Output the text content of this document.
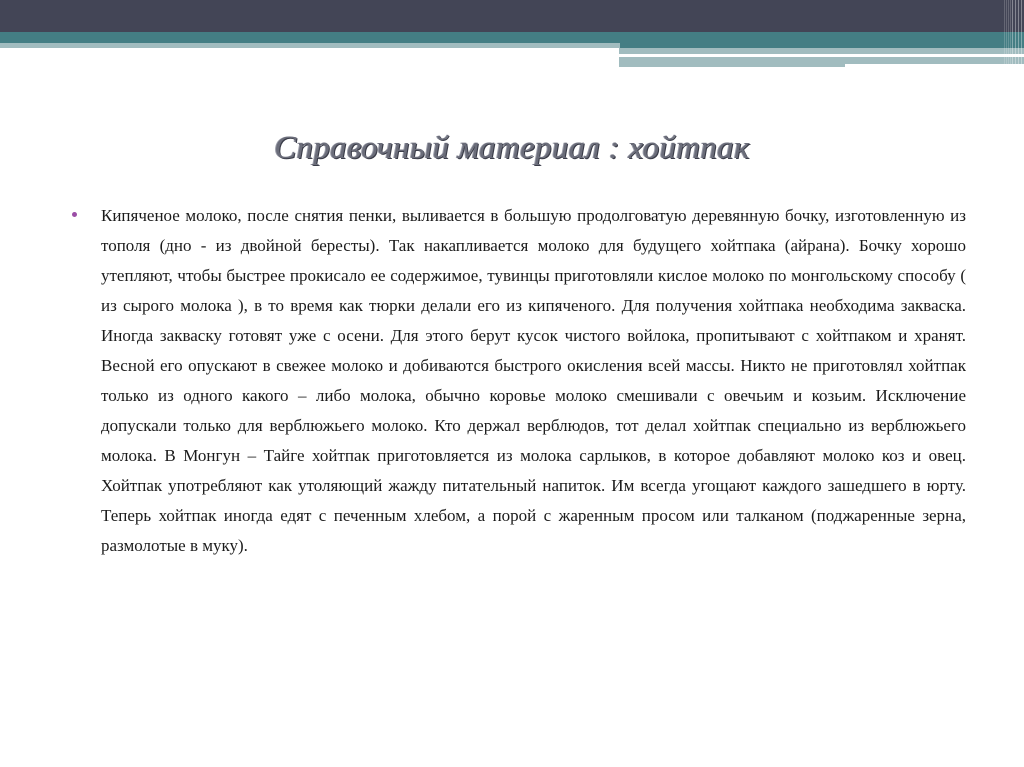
Справочный материал : хойтпак

Кипяченое молоко, после снятия пенки, выливается в большую продолговатую деревянную бочку, изготовленную из тополя (дно - из двойной бересты). Так накапливается молоко для будущего хойтпака (айрана). Бочку хорошо утепляют, чтобы быстрее прокисало ее содержимое, тувинцы приготовляли кислое молоко по монгольскому способу ( из сырого молока ), в то время как тюрки делали его из кипяченого. Для получения хойтпака необходима закваска. Иногда закваску готовят уже с осени. Для этого берут кусок чистого войлока, пропитывают с хойтпаком и хранят. Весной его опускают в свежее молоко и добиваются быстрого окисления всей массы. Никто не приготовлял хойтпак только из одного какого – либо молока, обычно коровье молоко смешивали с овечьим и козьим. Исключение допускали только для верблюжьего молоко. Кто держал верблюдов, тот делал хойтпак специально из верблюжьего молока. В Монгун – Тайге хойтпак приготовляется из молока сарлыков, в которое добавляют молоко коз и овец. Хойтпак употребляют как утоляющий жажду питательный напиток. Им всегда угощают каждого зашедшего в юрту. Теперь хойтпак иногда едят с печенным хлебом, а порой с жаренным просом или талканом (поджаренные зерна, размолотые в муку).
